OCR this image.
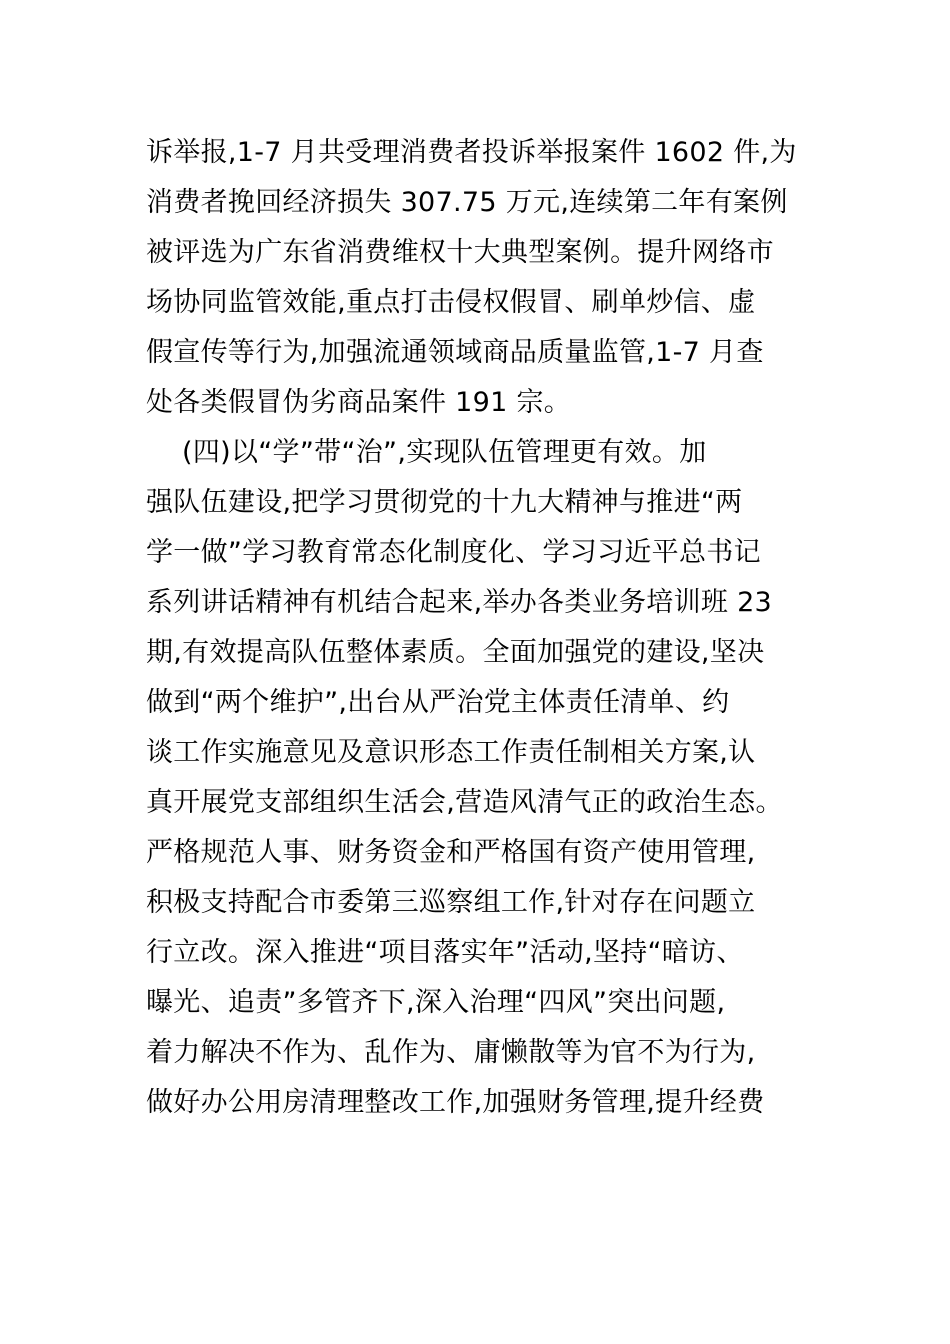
诉举报,1-7 月共受理消费者投诉举报案件 1602 件,为
消费者挽回经济损失 307.75 万元,连续第二年有案例
被评选为广东省消费维权十大典型案例。提升网络市
场协同监管效能,重点打击侵权假冒、刷单炒信、虚
假宣传等行为,加强流通领域商品质量监管,1-7 月查
处各类假冒伪劣商品案件 191 宗。
(四)以“学”带“治”,实现队伍管理更有效。加
强队伍建设,把学习贯彻党的十九大精神与推进“两
学一做”学习教育常态化制度化、学习习近平总书记
系列讲话精神有机结合起来,举办各类业务培训班 23
期,有效提高队伍整体素质。全面加强党的建设,坚决
做到“两个维护”,出台从严治党主体责任清单、约
谈工作实施意见及意识形态工作责任制相关方案,认
真开展党支部组织生活会,营造风清气正的政治生态。
严格规范人事、财务资金和严格国有资产使用管理,
积极支持配合市委第三巡察组工作,针对存在问题立
行立改。深入推进“项目落实年”活动,坚持“暗访、
曝光、追责”多管齐下,深入治理“四风”突出问题,
着力解决不作为、乱作为、庸懒散等为官不为行为,
做好办公用房清理整改工作,加强财务管理,提升经费
